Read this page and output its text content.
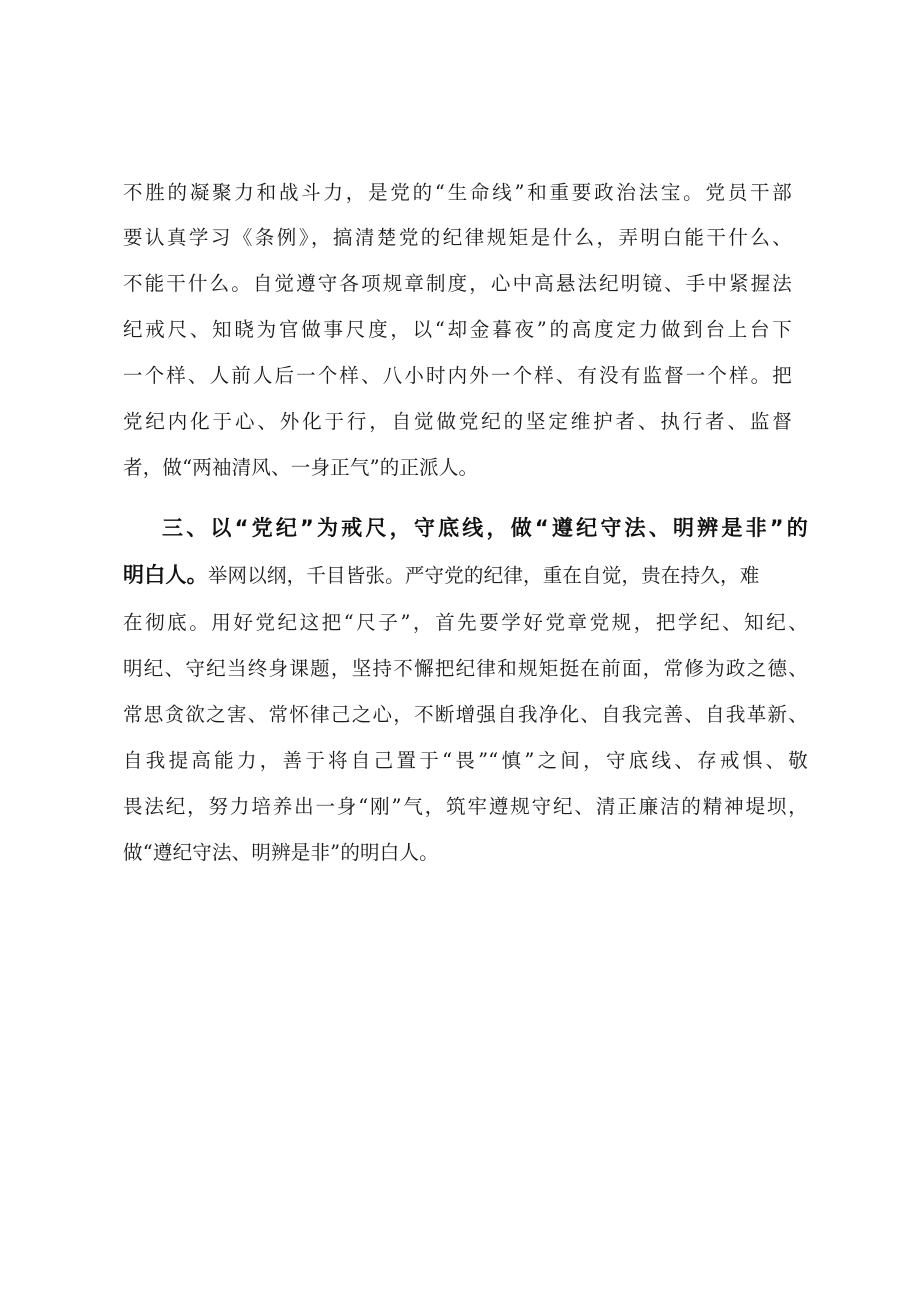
不胜的凝聚力和战斗力，是党的“生命线”和重要政治法宝。党员干部
要认真学习《条例》，搞清楚党的纪律规矩是什么，弄明白能干什么、
不能干什么。自觉遵守各项规章制度，心中高悬法纪明镜、手中紧握法
纪戒尺、知晓为官做事尺度，以“却金暮夜”的高度定力做到台上台下
一个样、人前人后一个样、八小时内外一个样、有没有监督一个样。把
党纪内化于心、外化于行，自觉做党纪的坚定维护者、执行者、监督
者，做“两袖清风、一身正气”的正派人。
三、以“党纪”为戒尺，守底线，做“遵纪守法、明辨是非”的
明白人。举网以纲，千目皆张。严守党的纪律，重在自觉，贵在持久，难
在彻底。用好党纪这把“尺子”，首先要学好党章党规，把学纪、知纪、
明纪、守纪当终身课题，坚持不懈把纪律和规矩挺在前面，常修为政之德、
常思贪欲之害、常怀律己之心，不断增强自我净化、自我完善、自我革新、
自我提高能力，善于将自己置于“畏”“慎”之间，守底线、存戒惧、敬
畏法纪，努力培养出一身“刚”气，筑牢遵规守纪、清正廉洁的精神堤坝，
做“遵纪守法、明辨是非”的明白人。
